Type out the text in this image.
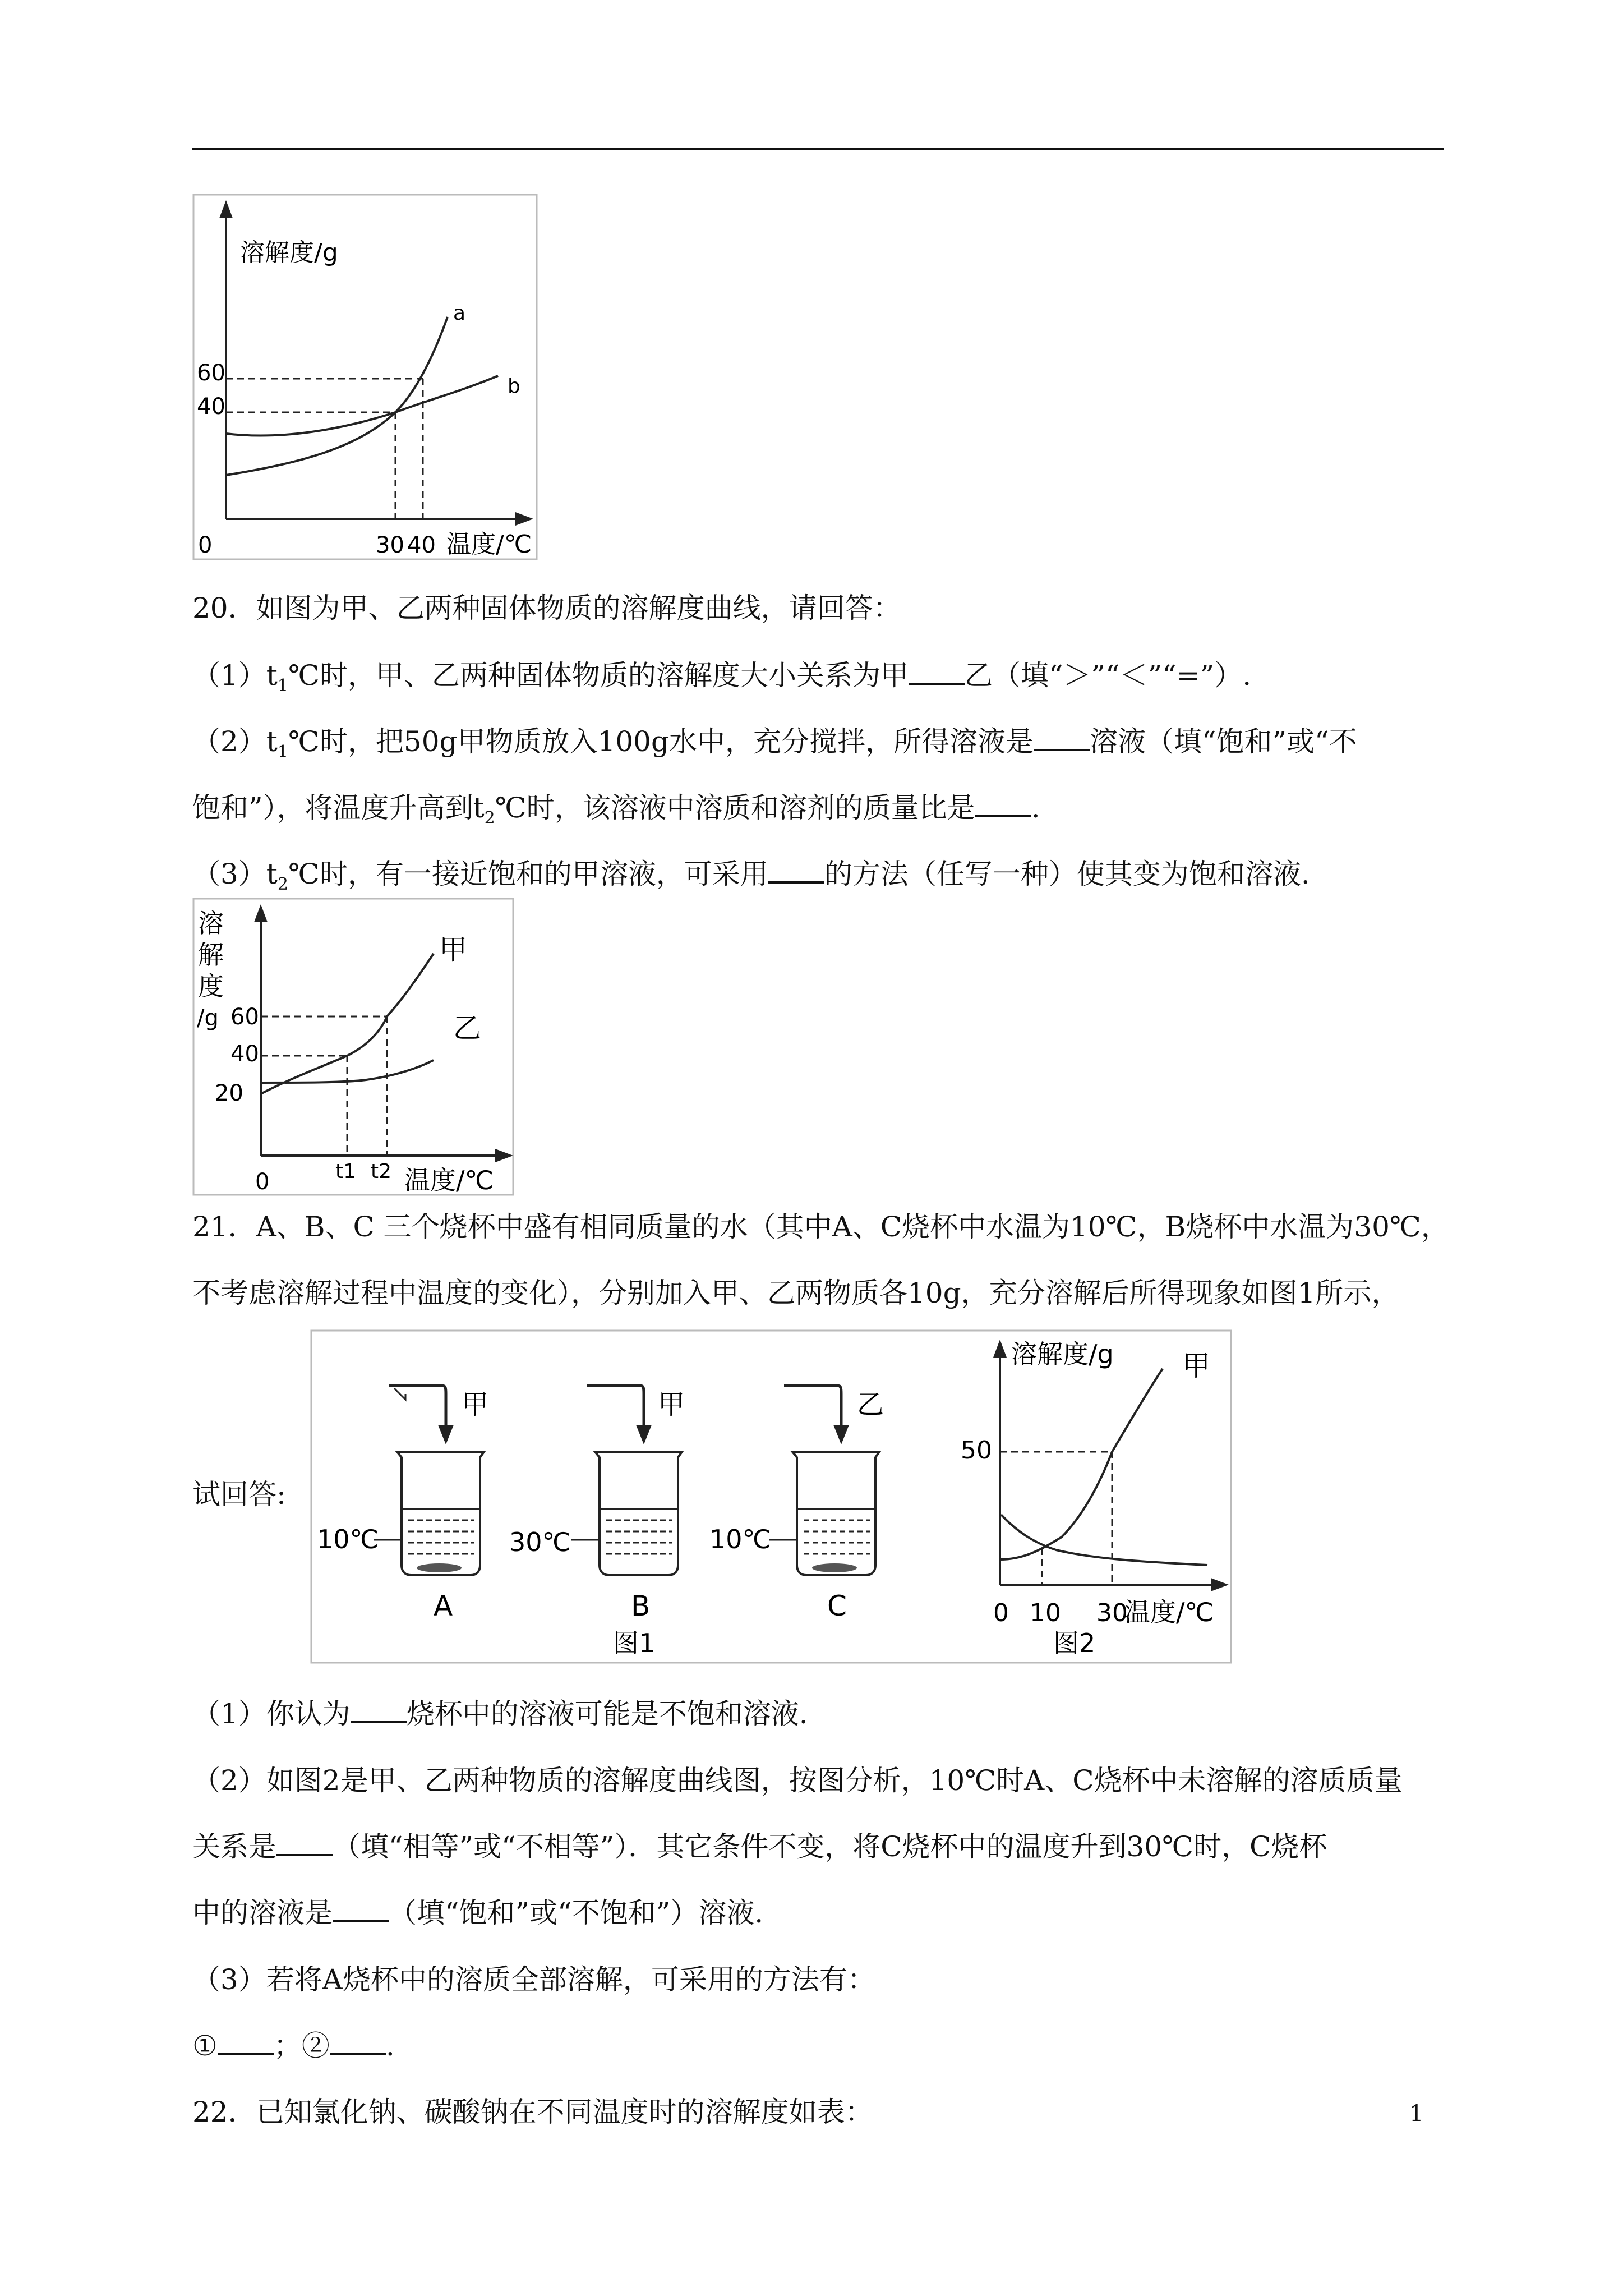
溶解度/g
0
60
40
30 40 温度/℃
a
b
20．如图为甲、乙两种固体物质的溶解度曲线，请回答：
$(1)t_1℃$时，甲、乙两种固体物质的溶解度大小关系为甲 乙（填“＞”“＜”“=”）.
$(2)t_1℃$时，把50g甲物质放入100g水中，充分搅拌，所得溶液是 溶液（填“饱和”或“不
饱和”），将温度升高到$t_2℃$时，该溶液中溶质和溶剂的质量比是 .
$(3)t_2℃$时，有一接近饱和的甲溶液，可采用 的方法（任写一种）使其变为饱和溶液.
溶
解
度
/g 60
40
20
0	t1 t2 温度/℃
甲
乙
21．A、B、C 三个烧杯中盛有相同质量的水（其中A、C烧杯中水温为10℃，B烧杯中水温为30℃，
不考虑溶解过程中温度的变化），分别加入甲、乙两物质各10g，充分溶解后所得现象如图1所示，
试回答:
甲
10℃
A
甲
30℃
B
乙
10℃
C
图1
溶解度/g
50
0 10 30
温度/℃
甲
图2
（1）你认为 烧杯中的溶液可能是不饱和溶液.
（2）如图2是甲、乙两种物质的溶解度曲线图，按图分析，10℃时A、C烧杯中未溶解的溶质质量
关系是 （填“相等”或“不相等”）．其它条件不变，将C烧杯中的温度升到30℃时，C烧杯
中的溶液是 （填“饱和”或“不饱和”）溶液.
（3）若将A烧杯中的溶质全部溶解，可采用的方法有：
① ；② .
22．已知氯化钠、碳酸钠在不同温度时的溶解度如表：	1
